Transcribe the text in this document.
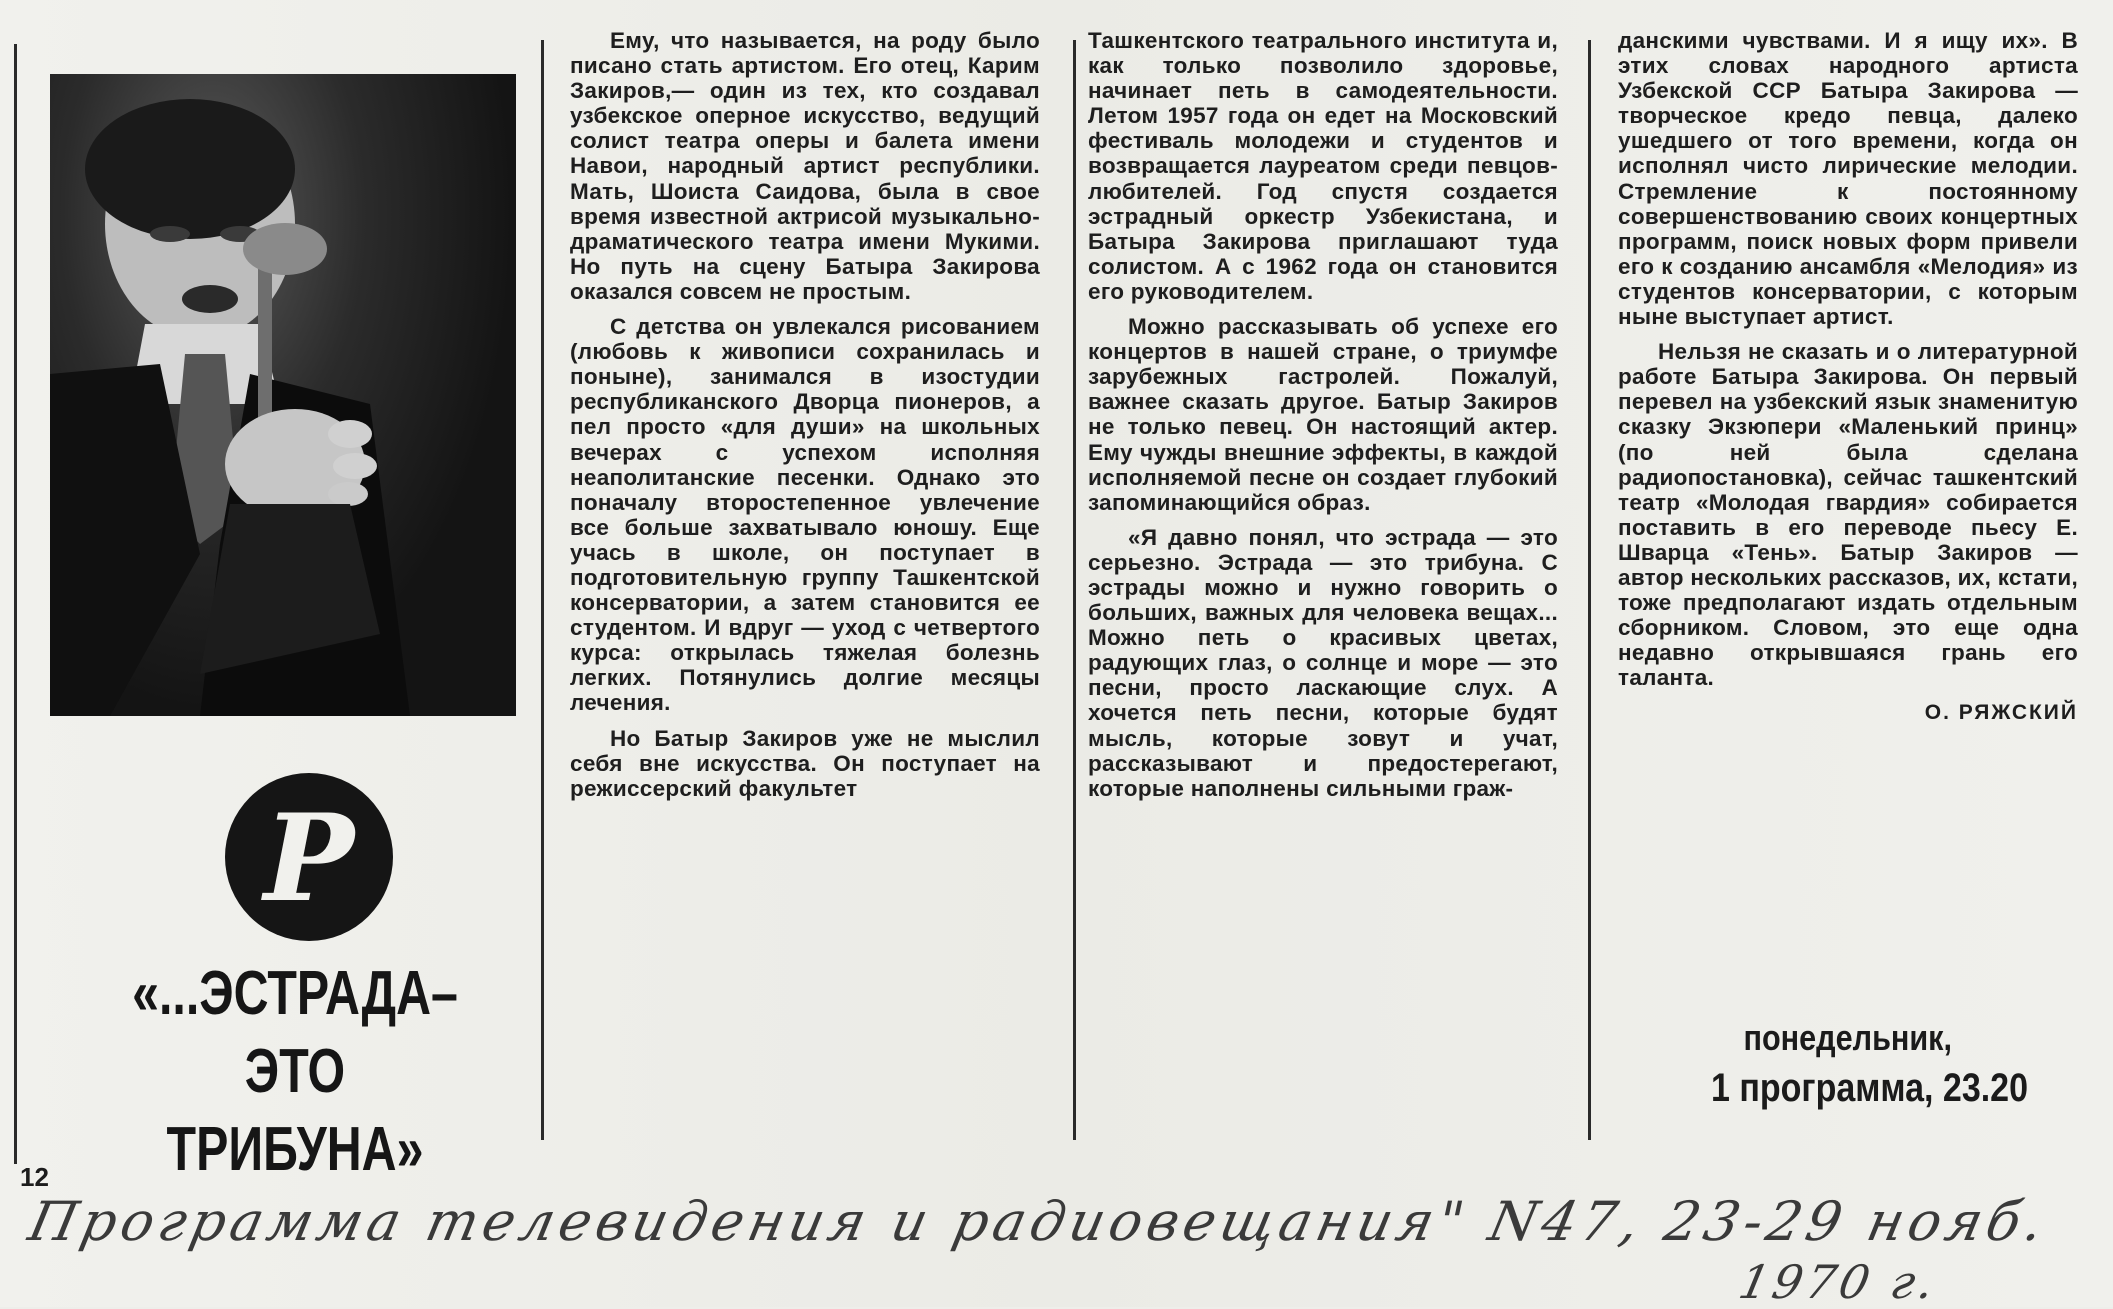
Р
«...ЭСТРАДА–
ЭТО ТРИБУНА»

Ему, что называется, на роду было писано стать артистом. Его отец, Карим Закиров,— один из тех, кто создавал узбекское оперное искусство, ведущий солист театра оперы и балета имени Навои, народный артист республики. Мать, Шоиста Саидова, была в свое время известной актрисой музыкально-драматического театра имени Мукими. Но путь на сцену Батыра Закирова оказался совсем не простым.

С детства он увлекался рисованием (любовь к живописи сохранилась и поныне), занимался в изостудии республиканского Дворца пионеров, а пел просто «для души» на школьных вечерах с успехом исполняя неаполитанские песенки. Однако это поначалу второстепенное увлечение все больше захватывало юношу. Еще учась в школе, он поступает в подготовительную группу Ташкентской консерватории, а затем становится ее студентом. И вдруг — уход с четвертого курса: открылась тяжелая болезнь легких. Потянулись долгие месяцы лечения.

Но Батыр Закиров уже не мыслил себя вне искусства. Он поступает на режиссерский факультет

Ташкентского театрального института и, как только позволило здоровье, начинает петь в самодеятельности. Летом 1957 года он едет на Московский фестиваль молодежи и студентов и возвращается лауреатом среди певцов-любителей. Год спустя создается эстрадный оркестр Узбекистана, и Батыра Закирова приглашают туда солистом. А с 1962 года он становится его руководителем.

Можно рассказывать об успехе его концертов в нашей стране, о триумфе зарубежных гастролей. Пожалуй, важнее сказать другое. Батыр Закиров не только певец. Он настоящий актер. Ему чужды внешние эффекты, в каждой исполняемой песне он создает глубокий запоминающийся образ.

«Я давно понял, что эстрада — это серьезно. Эстрада — это трибуна. С эстрады можно и нужно говорить о больших, важных для человека вещах... Можно петь о красивых цветах, радующих глаз, о солнце и море — это песни, просто ласкающие слух. А хочется петь песни, которые будят мысль, которые зовут и учат, рассказывают и предостерегают, которые наполнены сильными граж-

данскими чувствами. И я ищу их». В этих словах народного артиста Узбекской ССР Батыра Закирова — творческое кредо певца, далеко ушедшего от того времени, когда он исполнял чисто лирические мелодии. Стремление к постоянному совершенствованию своих концертных программ, поиск новых форм привели его к созданию ансамбля «Мелодия» из студентов консерватории, с которым ныне выступает артист.

Нельзя не сказать и о литературной работе Батыра Закирова. Он первый перевел на узбекский язык знаменитую сказку Экзюпери «Маленький принц» (по ней была сделана радиопостановка), сейчас ташкентский театр «Молодая гвардия» собирается поставить в его переводе пьесу Е. Шварца «Тень». Батыр Закиров — автор нескольких рассказов, их, кстати, тоже предполагают издать отдельным сборником. Словом, это еще одна недавно открывшаяся грань его таланта.

О. РЯЖСКИЙ
понедельник,
1 программа, 23.20
12
Программа телевидения и радиовещания" N47, 23-29 нояб.
1970 г.
